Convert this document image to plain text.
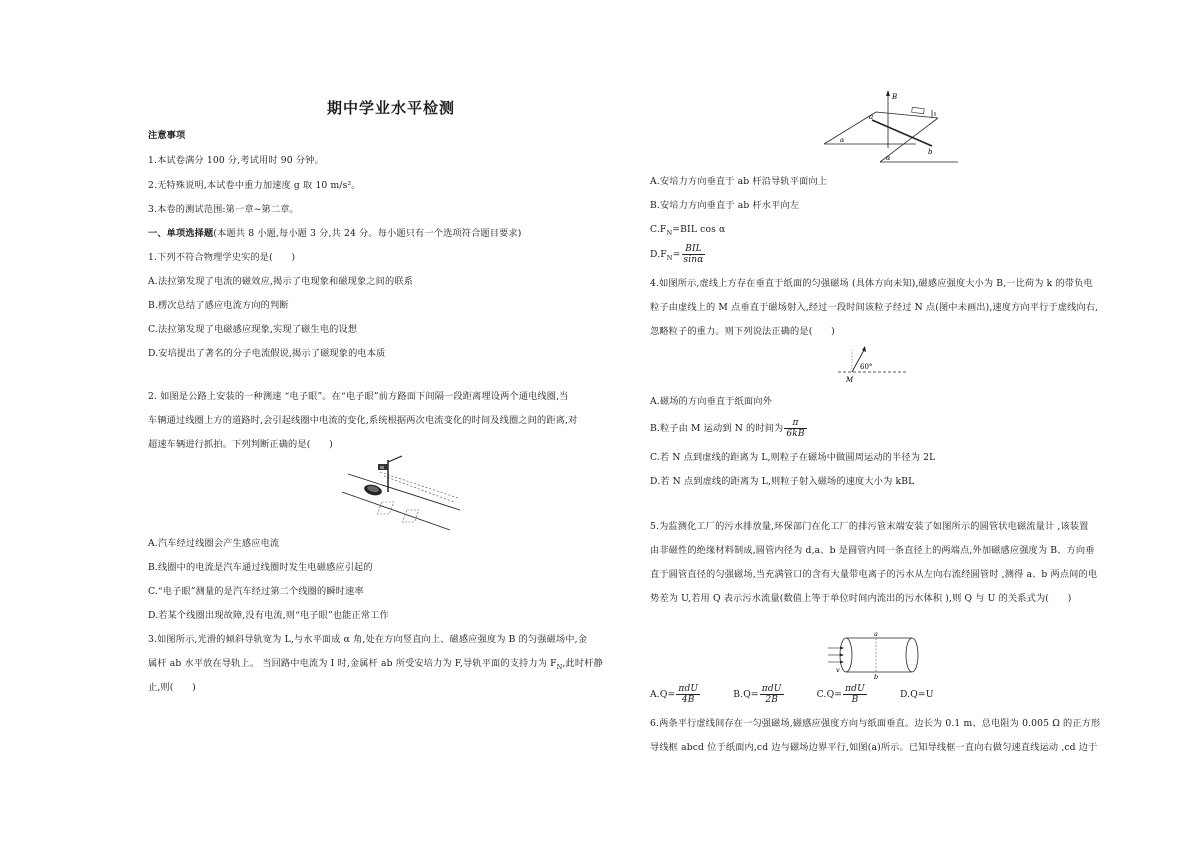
期中学业水平检测
注意事项
1.本试卷满分 100 分,考试用时 90 分钟。
2.无特殊说明,本试卷中重力加速度 g 取 10 m/s²。
3.本卷的测试范围:第一章~第二章。
一、单项选择题(本题共 8 小题,每小题 3 分,共 24 分。每小题只有一个选项符合题目要求)
1.下列不符合物理学史实的是(　　)
A.法拉第发现了电流的磁效应,揭示了电现象和磁现象之间的联系
B.楞次总结了感应电流方向的判断
C.法拉第发现了电磁感应现象,实现了磁生电的设想
D.安培提出了著名的分子电流假说,揭示了磁现象的电本质
2. 如图是公路上安装的一种测速 “电子眼”。在“电子眼”前方路面下间隔一段距离埋设两个通电线圈,当
车辆通过线圈上方的道路时,会引起线圈中电流的变化,系统根据两次电流变化的时间及线圈之间的距离,对
超速车辆进行抓拍。下列判断正确的是(　　)
A.汽车经过线圈会产生感应电流
B.线圈中的电流是汽车通过线圈时发生电磁感应引起的
C.“电子眼”测量的是汽车经过第二个线圈的瞬时速率
D.若某个线圈出现故障,没有电流,则“电子眼”也能正常工作
3.如图所示,光滑的倾斜导轨宽为 L,与水平面成 α 角,处在方向竖直向上、磁感应强度为 B 的匀强磁场中,金
属杆 ab 水平放在导轨上。 当回路中电流为 I 时,金属杆 ab 所受安培力为 F,导轨平面的支持力为 $F_N$,此时杆静
止,则(　　)
B
a
b
α
α
A.安培力方向垂直于 ab 杆沿导轨平面向上
B.安培力方向垂直于 ab 杆水平向左
$C.F_N=BIL$ cos α
$D.F_N= \frac{\text{BIL}}{\sin\alpha}$
4.如图所示,虚线上方存在垂直于纸面的匀强磁场 (具体方向未知),磁感应强度大小为 B,一比荷为 k 的带负电
粒子由虚线上的 M 点垂直于磁场射入,经过一段时间该粒子经过 N 点(图中未画出),速度方向平行于虚线向右,
忽略粒子的重力。则下列说法正确的是(　　)
60°
M
A.磁场的方向垂直于纸面向外
B.粒子由 M 运动到 N 的时间为 $\frac{\pi}{6kB}$
C.若 N 点到虚线的距离为 L,则粒子在磁场中做圆周运动的半径为 2L
D.若 N 点到虚线的距离为 L,则粒子射入磁场的速度大小为 kBL
5.为监测化工厂的污水排放量,环保部门在化工厂的排污管末端安装了如图所示的圆管状电磁流量计 ,该装置
由非磁性的绝缘材料制成,圆管内径为 d,a、b 是圆管内同一条直径上的两端点,外加磁感应强度为 B、方向垂
直于圆管直径的匀强磁场,当充满管口的含有大量带电离子的污水从左向右流经圆管时 ,测得 a、b 两点间的电
势差为 U,若用 Q 表示污水流量(数值上等于单位时间内流出的污水体积 ),则 Q 与 U 的关系式为(　　)
a
b
v
$A.Q= \frac{\text{πdU}}{4B}$	$B.Q= \frac{\text{πdU}}{2B}$	$C.Q= \frac{\text{πdU}}{B}$	D.Q=U
6.两条平行虚线间存在一匀强磁场,磁感应强度方向与纸面垂直。边长为 0.1 m、总电阻为 0.005 Ω 的正方形
导线框 abcd 位于纸面内,cd 边与磁场边界平行,如图(a)所示。已知导线框一直向右做匀速直线运动 ,cd 边于
